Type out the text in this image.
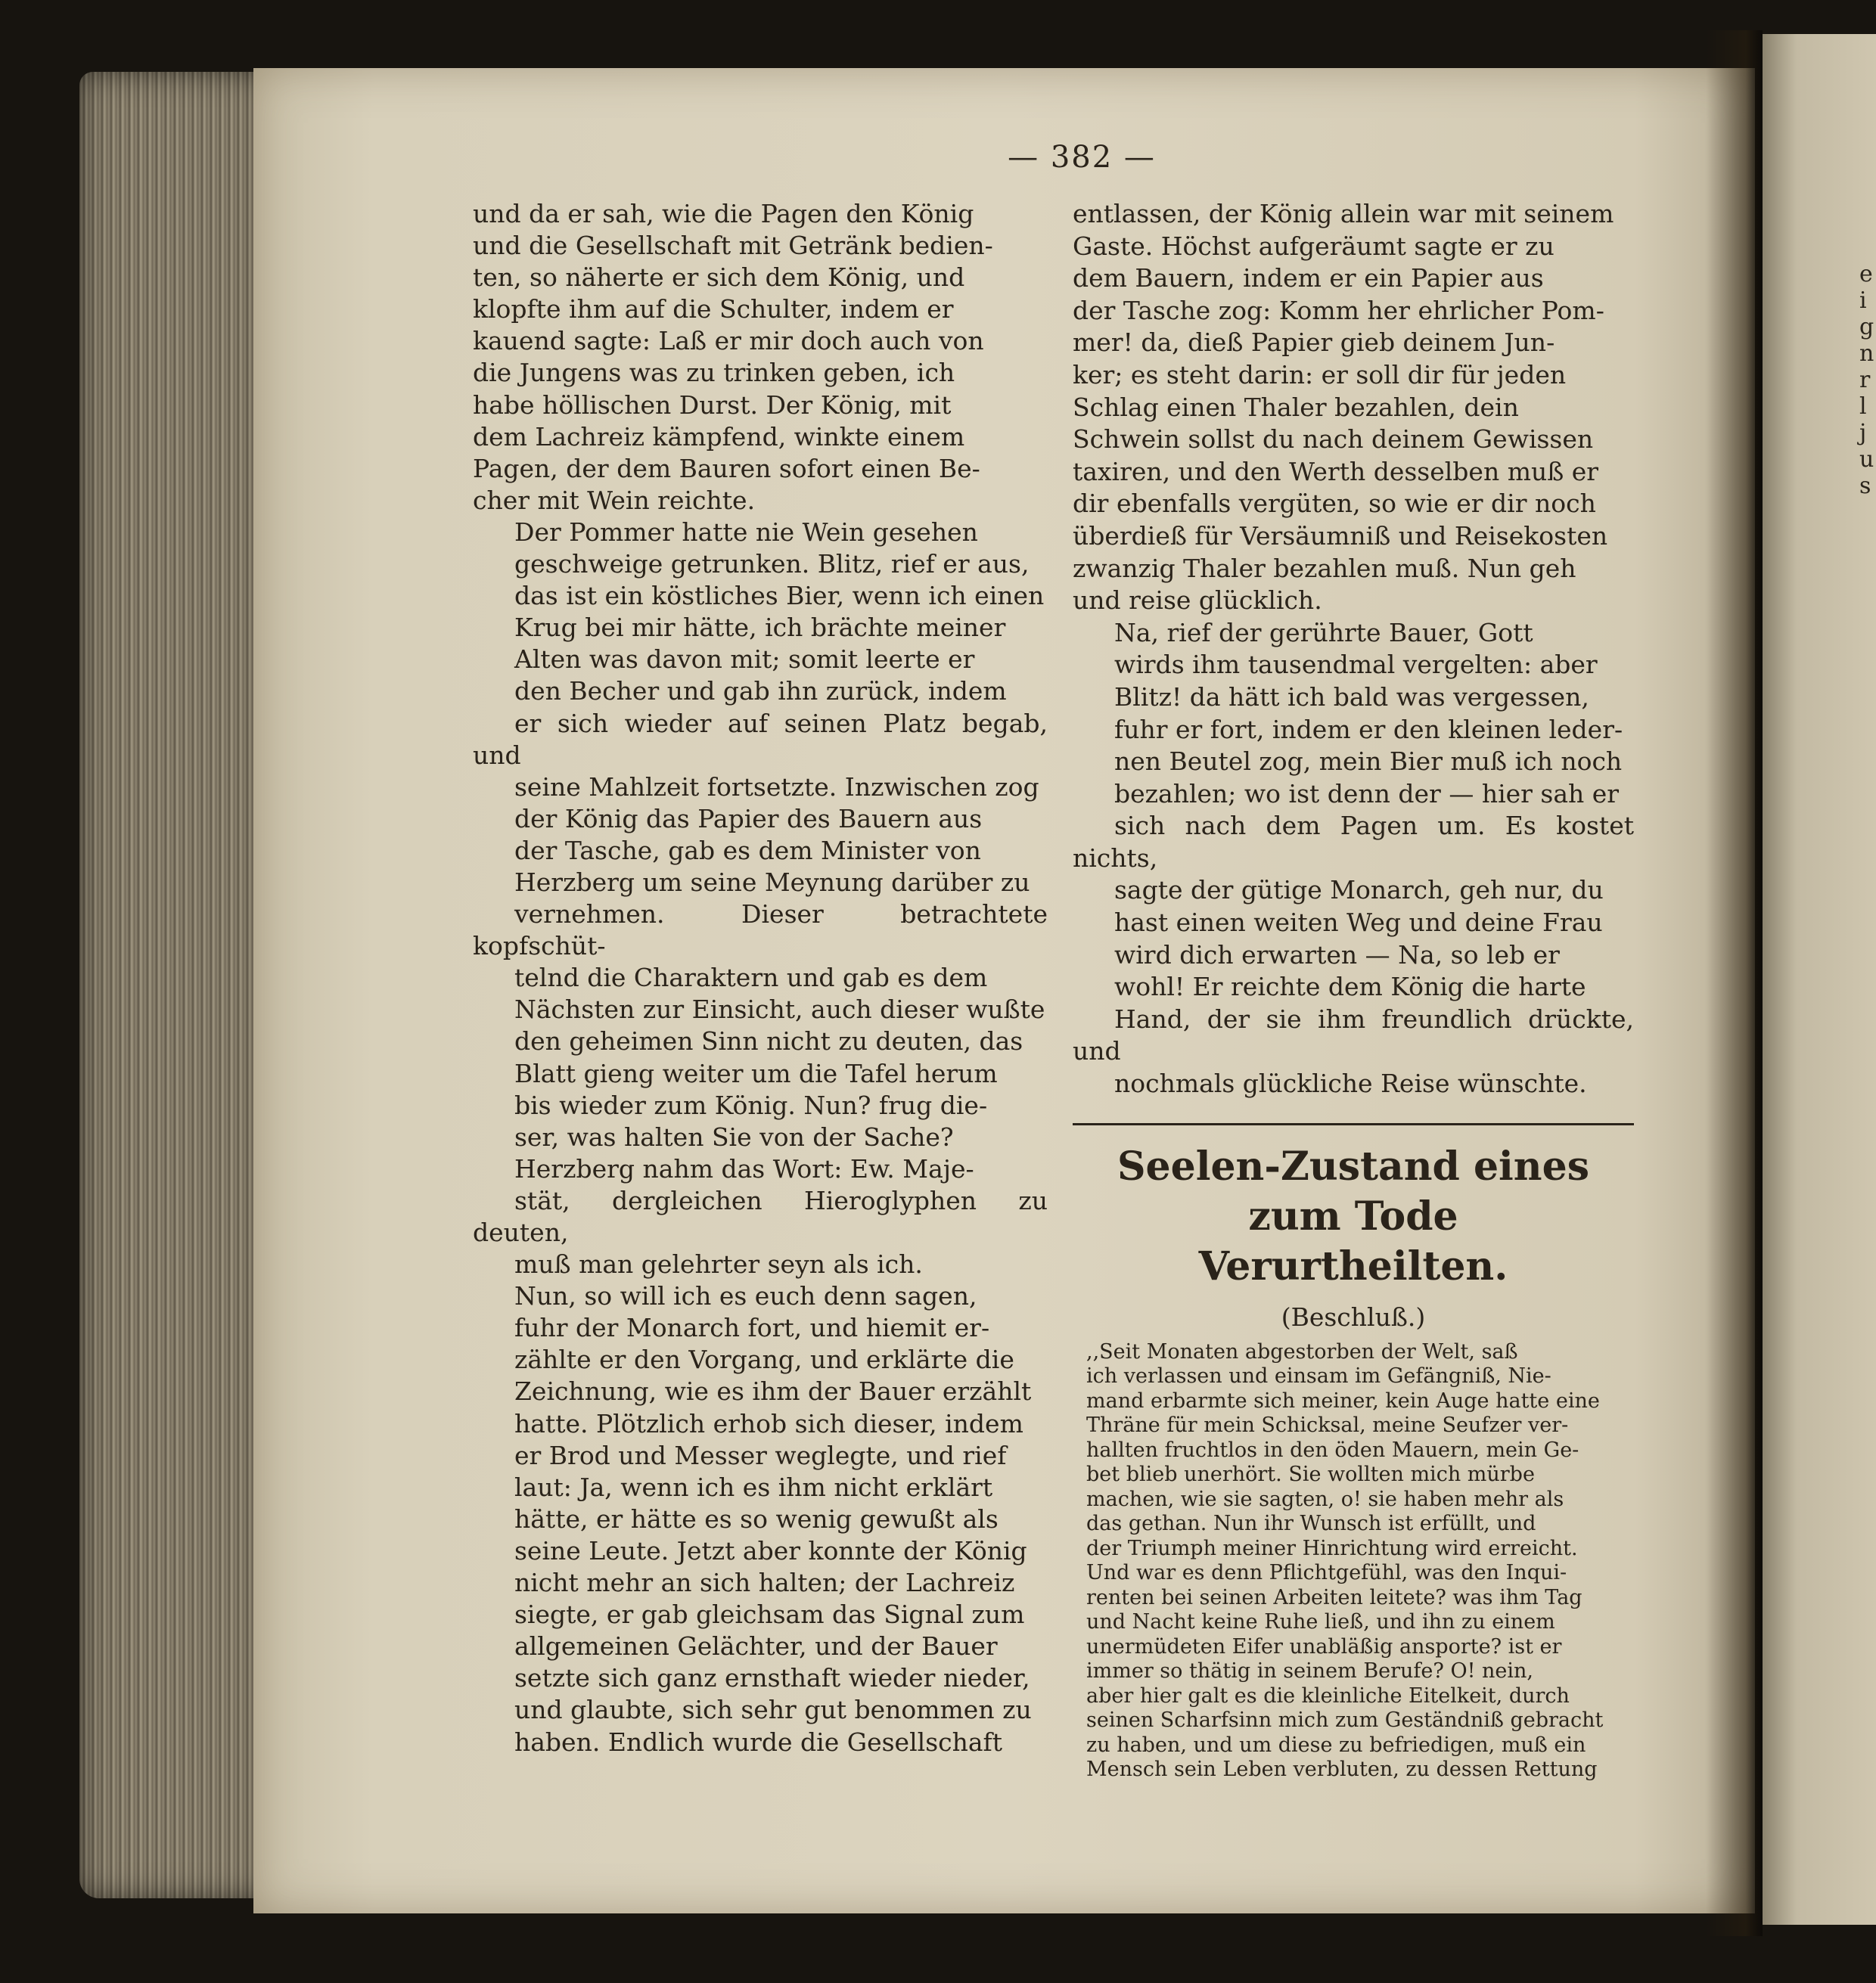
e
i
g
n
r
l
j
u
s
— 382 —

und da er sah, wie die Pagen den König
und die Gesellschaft mit Getränk bedien-
ten, so näherte er sich dem König, und
klopfte ihm auf die Schulter, indem er
kauend sagte: Laß er mir doch auch von
die Jungens was zu trinken geben, ich
habe höllischen Durst. Der König, mit
dem Lachreiz kämpfend, winkte einem
Pagen, der dem Bauren sofort einen Be-
cher mit Wein reichte.

Der Pommer hatte nie Wein gesehen
geschweige getrunken. Blitz, rief er aus,
das ist ein köstliches Bier, wenn ich einen
Krug bei mir hätte, ich brächte meiner
Alten was davon mit; somit leerte er
den Becher und gab ihn zurück, indem
er sich wieder auf seinen Platz begab, und
seine Mahlzeit fortsetzte. Inzwischen zog
der König das Papier des Bauern aus
der Tasche, gab es dem Minister von
Herzberg um seine Meynung darüber zu
vernehmen. Dieser betrachtete kopfschüt-
telnd die Charaktern und gab es dem
Nächsten zur Einsicht, auch dieser wußte
den geheimen Sinn nicht zu deuten, das
Blatt gieng weiter um die Tafel herum
bis wieder zum König. Nun? frug die-
ser, was halten Sie von der Sache?
Herzberg nahm das Wort: Ew. Maje-
stät, dergleichen Hieroglyphen zu deuten,
muß man gelehrter seyn als ich.

Nun, so will ich es euch denn sagen,
fuhr der Monarch fort, und hiemit er-
zählte er den Vorgang, und erklärte die
Zeichnung, wie es ihm der Bauer erzählt
hatte. Plötzlich erhob sich dieser, indem
er Brod und Messer weglegte, und rief
laut: Ja, wenn ich es ihm nicht erklärt
hätte, er hätte es so wenig gewußt als
seine Leute. Jetzt aber konnte der König
nicht mehr an sich halten; der Lachreiz
siegte, er gab gleichsam das Signal zum
allgemeinen Gelächter, und der Bauer
setzte sich ganz ernsthaft wieder nieder,
und glaubte, sich sehr gut benommen zu
haben. Endlich wurde die Gesellschaft

entlassen, der König allein war mit seinem
Gaste. Höchst aufgeräumt sagte er zu
dem Bauern, indem er ein Papier aus
der Tasche zog: Komm her ehrlicher Pom-
mer! da, dieß Papier gieb deinem Jun-
ker; es steht darin: er soll dir für jeden
Schlag einen Thaler bezahlen, dein
Schwein sollst du nach deinem Gewissen
taxiren, und den Werth desselben muß er
dir ebenfalls vergüten, so wie er dir noch
überdieß für Versäumniß und Reisekosten
zwanzig Thaler bezahlen muß. Nun geh
und reise glücklich.

Na, rief der gerührte Bauer, Gott
wirds ihm tausendmal vergelten: aber
Blitz! da hätt ich bald was vergessen,
fuhr er fort, indem er den kleinen leder-
nen Beutel zog, mein Bier muß ich noch
bezahlen; wo ist denn der — hier sah er
sich nach dem Pagen um. Es kostet nichts,
sagte der gütige Monarch, geh nur, du
hast einen weiten Weg und deine Frau
wird dich erwarten — Na, so leb er
wohl! Er reichte dem König die harte
Hand, der sie ihm freundlich drückte, und
nochmals glückliche Reise wünschte.

Seelen-Zustand eines zum Tode
Verurtheilten.
(Beschluß.)

,,Seit Monaten abgestorben der Welt, saß
ich verlassen und einsam im Gefängniß, Nie-
mand erbarmte sich meiner, kein Auge hatte eine
Thräne für mein Schicksal, meine Seufzer ver-
hallten fruchtlos in den öden Mauern, mein Ge-
bet blieb unerhört. Sie wollten mich mürbe
machen, wie sie sagten, o! sie haben mehr als
das gethan. Nun ihr Wunsch ist erfüllt, und
der Triumph meiner Hinrichtung wird erreicht.
Und war es denn Pflichtgefühl, was den Inqui-
renten bei seinen Arbeiten leitete? was ihm Tag
und Nacht keine Ruhe ließ, und ihn zu einem
unermüdeten Eifer unabläßig ansporte? ist er
immer so thätig in seinem Berufe? O! nein,
aber hier galt es die kleinliche Eitelkeit, durch
seinen Scharfsinn mich zum Geständniß gebracht
zu haben, und um diese zu befriedigen, muß ein
Mensch sein Leben verbluten, zu dessen Rettung
